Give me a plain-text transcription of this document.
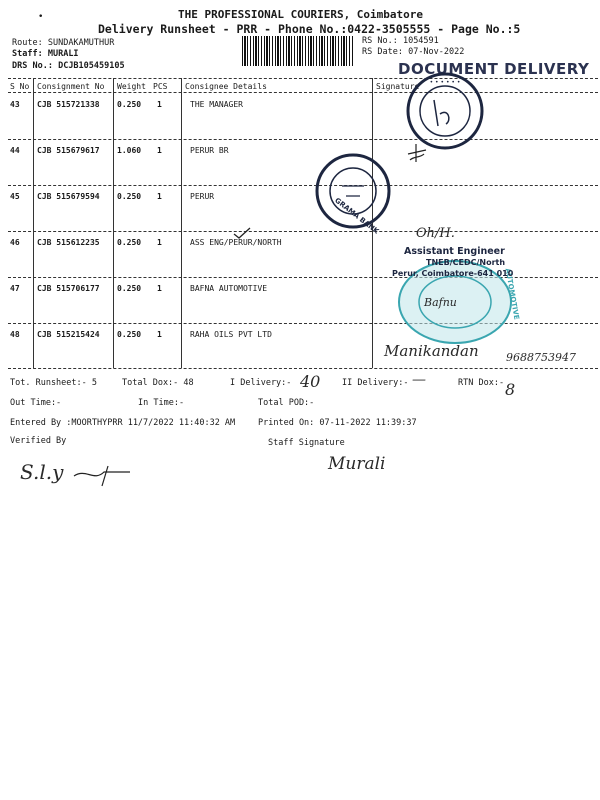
THE PROFESSIONAL COURIERS, Coimbatore
Delivery Runsheet - PRR - Phone No.:0422-3505555 - Page No.:5
•
Route: SUNDAKAMUTHUR
Staff: MURALI
DRS No.: DCJB105459105
RS No.: 1054591
RS Date: 07-Nov-2022
DOCUMENT DELIVERY
S No Consignment No Weight PCS Consignee Details	Signature
43 CJB 515721338 0.250 1	THE MANAGER
44 CJB 515679617 1.060 1	PERUR BR
45 CJB 515679594 0.250 1	PERUR
46 CJB 515612235 0.250 1	ASS ENG/PERUR/NORTH
47 CJB 515706177 0.250 1	BAFNA AUTOMOTIVE
48 CJB 515215424 0.250 1	RAHA OILS PVT LTD
• • • • • •
GRAMA BANK
AUTOMOTIVE
Oh/H.
Assistant Engineer
TNEB/CEDC/North
Perur, Coimbatore-641 010
Bafnu
Manikandan 9688753947
Tot. Runsheet:- 5	Total Dox:- 48	I Delivery:- 40	II Delivery:- —	RTN Dox:- 8
Out Time:-	In Time:-	Total POD:-
Entered By :MOORTHYPRR 11/7/2022 11:40:32 AM	Printed On: 07-11-2022 11:39:37
Verified By	Staff Signature
S.l.y	Murali
